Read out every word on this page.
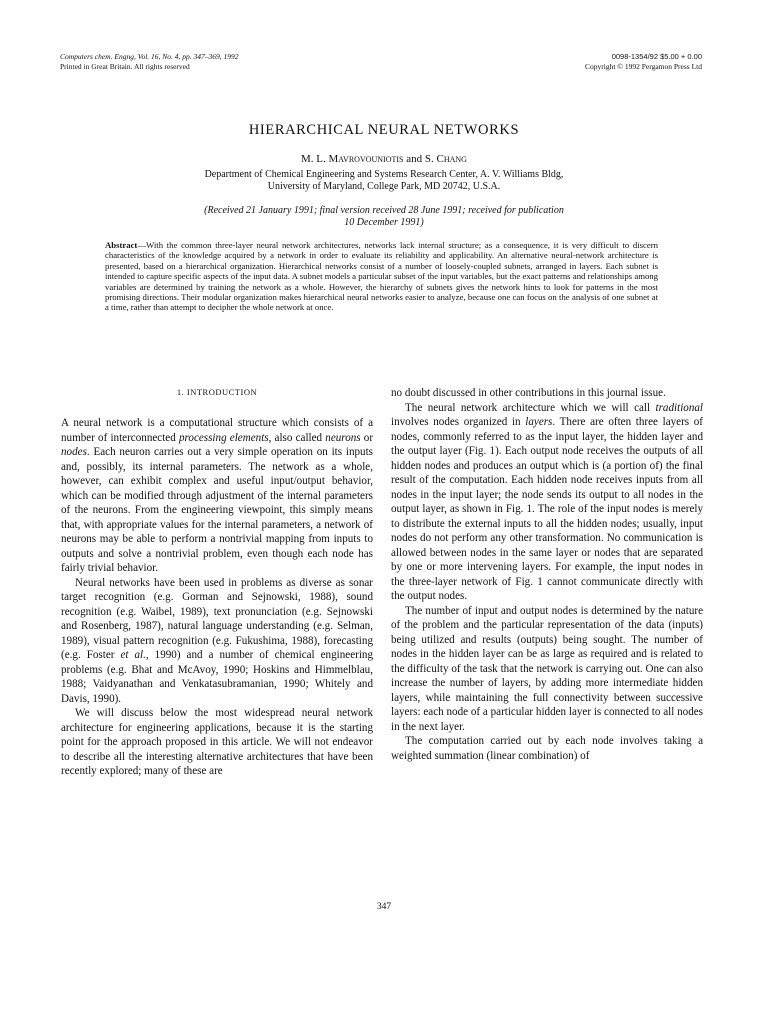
Computers chem. Engng, Vol. 16, No. 4, pp. 347–369, 1992
Printed in Great Britain. All rights reserved
0098-1354/92 $5.00 + 0.00
Copyright © 1992 Pergamon Press Ltd
HIERARCHICAL NEURAL NETWORKS
M. L. Mavrovouniotis and S. Chang
Department of Chemical Engineering and Systems Research Center, A. V. Williams Bldg,
University of Maryland, College Park, MD 20742, U.S.A.
(Received 21 January 1991; final version received 28 June 1991; received for publication
10 December 1991)
Abstract—With the common three-layer neural network architectures, networks lack internal structure; as a consequence, it is very difficult to discern characteristics of the knowledge acquired by a network in order to evaluate its reliability and applicability. An alternative neural-network architecture is presented, based on a hierarchical organization. Hierarchical networks consist of a number of loosely-coupled subnets, arranged in layers. Each subnet is intended to capture specific aspects of the input data. A subnet models a particular subset of the input variables, but the exact patterns and relationships among variables are determined by training the network as a whole. However, the hierarchy of subnets gives the network hints to look for patterns in the most promising directions. Their modular organization makes hierarchical neural networks easier to analyze, because one can focus on the analysis of one subnet at a time, rather than attempt to decipher the whole network at once.

1. INTRODUCTION

A neural network is a computational structure which consists of a number of interconnected processing elements, also called neurons or nodes. Each neuron carries out a very simple operation on its inputs and, possibly, its internal parameters. The network as a whole, however, can exhibit complex and useful input/output behavior, which can be modified through adjustment of the internal parameters of the neurons. From the engineering viewpoint, this simply means that, with appropriate values for the internal parameters, a network of neurons may be able to perform a nontrivial mapping from inputs to outputs and solve a nontrivial problem, even though each node has fairly trivial behavior.

Neural networks have been used in problems as diverse as sonar target recognition (e.g. Gorman and Sejnowski, 1988), sound recognition (e.g. Waibel, 1989), text pronunciation (e.g. Sejnowski and Rosenberg, 1987), natural language understanding (e.g. Selman, 1989), visual pattern recognition (e.g. Fukushima, 1988), forecasting (e.g. Foster et al., 1990) and a number of chemical engineering problems (e.g. Bhat and McAvoy, 1990; Hoskins and Himmelblau, 1988; Vaidyanathan and Venkatasubramanian, 1990; Whitely and Davis, 1990).

We will discuss below the most widespread neural network architecture for engineering applications, because it is the starting point for the approach proposed in this article. We will not endeavor to describe all the interesting alternative architectures that have been recently explored; many of these are

no doubt discussed in other contributions in this journal issue.

The neural network architecture which we will call traditional involves nodes organized in layers. There are often three layers of nodes, commonly referred to as the input layer, the hidden layer and the output layer (Fig. 1). Each output node receives the outputs of all hidden nodes and produces an output which is (a portion of) the final result of the computation. Each hidden node receives inputs from all nodes in the input layer; the node sends its output to all nodes in the output layer, as shown in Fig. 1. The role of the input nodes is merely to distribute the external inputs to all the hidden nodes; usually, input nodes do not perform any other transformation. No communication is allowed between nodes in the same layer or nodes that are separated by one or more intervening layers. For example, the input nodes in the three-layer network of Fig. 1 cannot communicate directly with the output nodes.

The number of input and output nodes is determined by the nature of the problem and the particular representation of the data (inputs) being utilized and results (outputs) being sought. The number of nodes in the hidden layer can be as large as required and is related to the difficulty of the task that the network is carrying out. One can also increase the number of layers, by adding more intermediate hidden layers, while maintaining the full connectivity between successive layers: each node of a particular hidden layer is connected to all nodes in the next layer.

The computation carried out by each node involves taking a weighted summation (linear combination) of

347
